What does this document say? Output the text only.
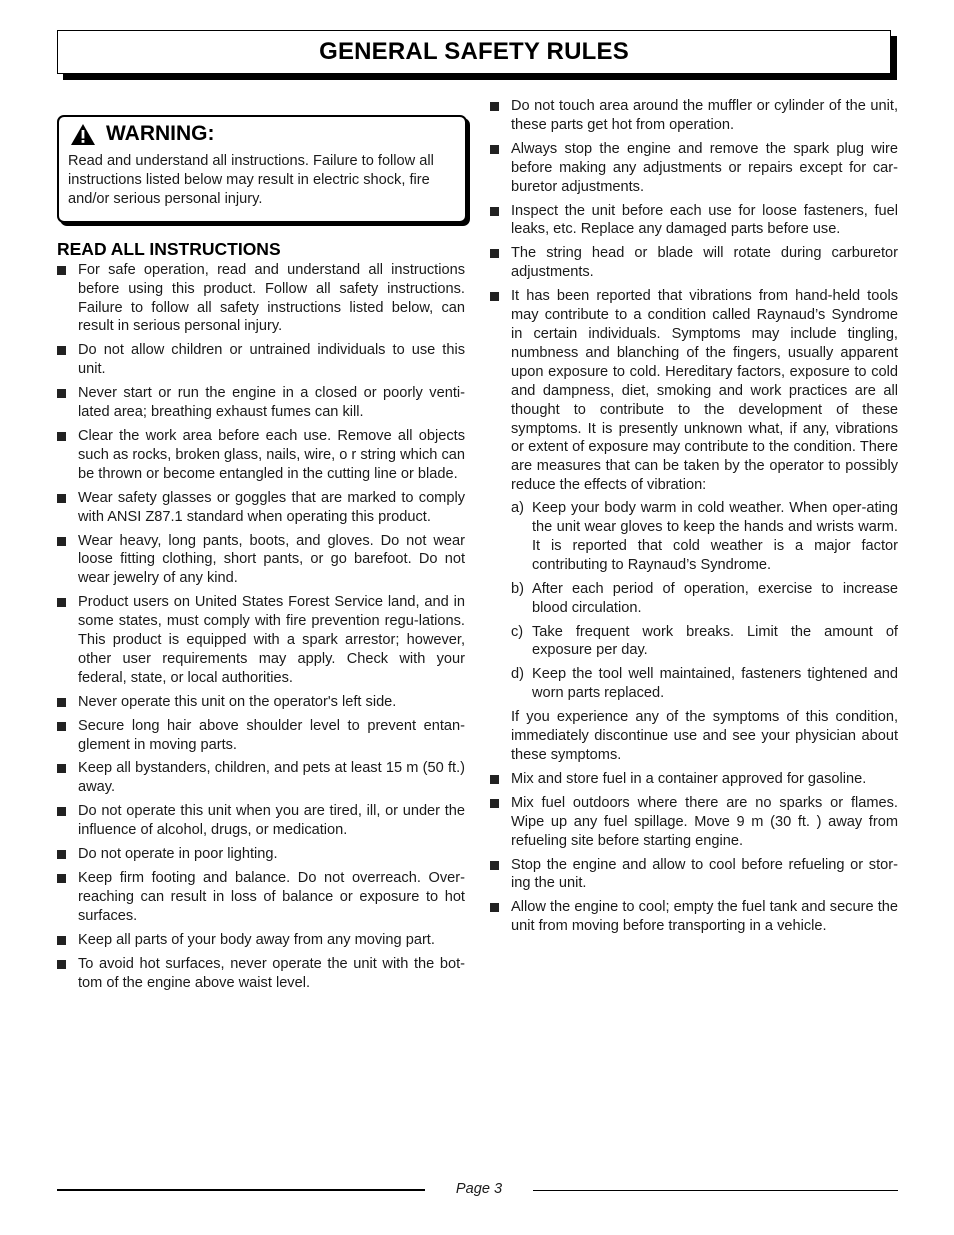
GENERAL SAFETY RULES
WARNING:

Read and understand all instructions. Failure to follow all instructions listed below may result in electric shock, fire and/or serious personal injury.

READ ALL INSTRUCTIONS
For safe operation, read and understand all instructions before using this product. Follow all safety instructions. Failure to follow all safety instructions listed below, can result in serious personal injury.
Do not allow children or untrained individuals to use this unit.
Never start or run the engine in a closed or poorly venti-lated area; breathing exhaust fumes can kill.
Clear the work area before each use. Remove all objects such as rocks, broken glass, nails, wire, o r string which can be thrown or become entangled in the cutting line or blade.
Wear safety glasses or goggles that are marked to comply with ANSI Z87.1 standard when operating this product.
Wear heavy, long pants, boots, and gloves. Do not wear loose fitting clothing, short pants, or go barefoot. Do not wear jewelry of any kind.
Product users on United States Forest Service land, and in some states, must comply with fire prevention regu-lations. This product is equipped with a spark arrestor; however, other user requirements may apply. Check with your federal, state, or local authorities.
Never operate this unit on the operator's left side.
Secure long hair above shoulder level to prevent entan-glement in moving parts.
Keep all bystanders, children, and pets at least 15 m (50 ft.) away.
Do not operate this unit when you are tired, ill, or under the influence of alcohol, drugs, or medication.
Do not operate in poor lighting.
Keep firm footing and balance. Do not overreach. Over-reaching can result in loss of balance or exposure to hot surfaces.
Keep all parts of your body away from any moving part.
To avoid hot surfaces, never operate the unit with the bot-tom of the engine above waist level.
Do not touch area around the muffler or cylinder of the unit, these parts get hot from operation.
Always stop the engine and remove the spark plug wire before making any adjustments or repairs except for car-buretor adjustments.
Inspect the unit before each use for loose fasteners, fuel leaks, etc. Replace any damaged parts before use.
The string head or blade will rotate during carburetor adjustments.
It has been reported that vibrations from hand-held tools may contribute to a condition called Raynaud’s Syndrome in certain individuals. Symptoms may include tingling, numbness and blanching of the fingers, usually apparent upon exposure to cold. Hereditary factors, exposure to cold and dampness, diet, smoking and work practices are all thought to contribute to the development of these symptoms. It is presently unknown what, if any, vibrations or extent of exposure may contribute to the condition. There are measures that can be taken by the operator to possibly reduce the effects of vibration:
a) Keep your body warm in cold weather. When oper-ating the unit wear gloves to keep the hands and wrists warm. It is reported that cold weather is a major factor contributing to Raynaud’s Syndrome.
b) After each period of operation, exercise to increase blood circulation.
c) Take frequent work breaks. Limit the amount of exposure per day.
d) Keep the tool well maintained, fasteners tightened and worn parts replaced.

If you experience any of the symptoms of this condition, immediately discontinue use and see your physician about these symptoms.

Mix and store fuel in a container approved for gasoline.
Mix fuel outdoors where there are no sparks or flames. Wipe up any fuel spillage. Move 9 m (30 ft. ) away from refueling site before starting engine.
Stop the engine and allow to cool before refueling or stor-ing the unit.
Allow the engine to cool; empty the fuel tank and secure the unit from moving before transporting in a vehicle.
Page 3
